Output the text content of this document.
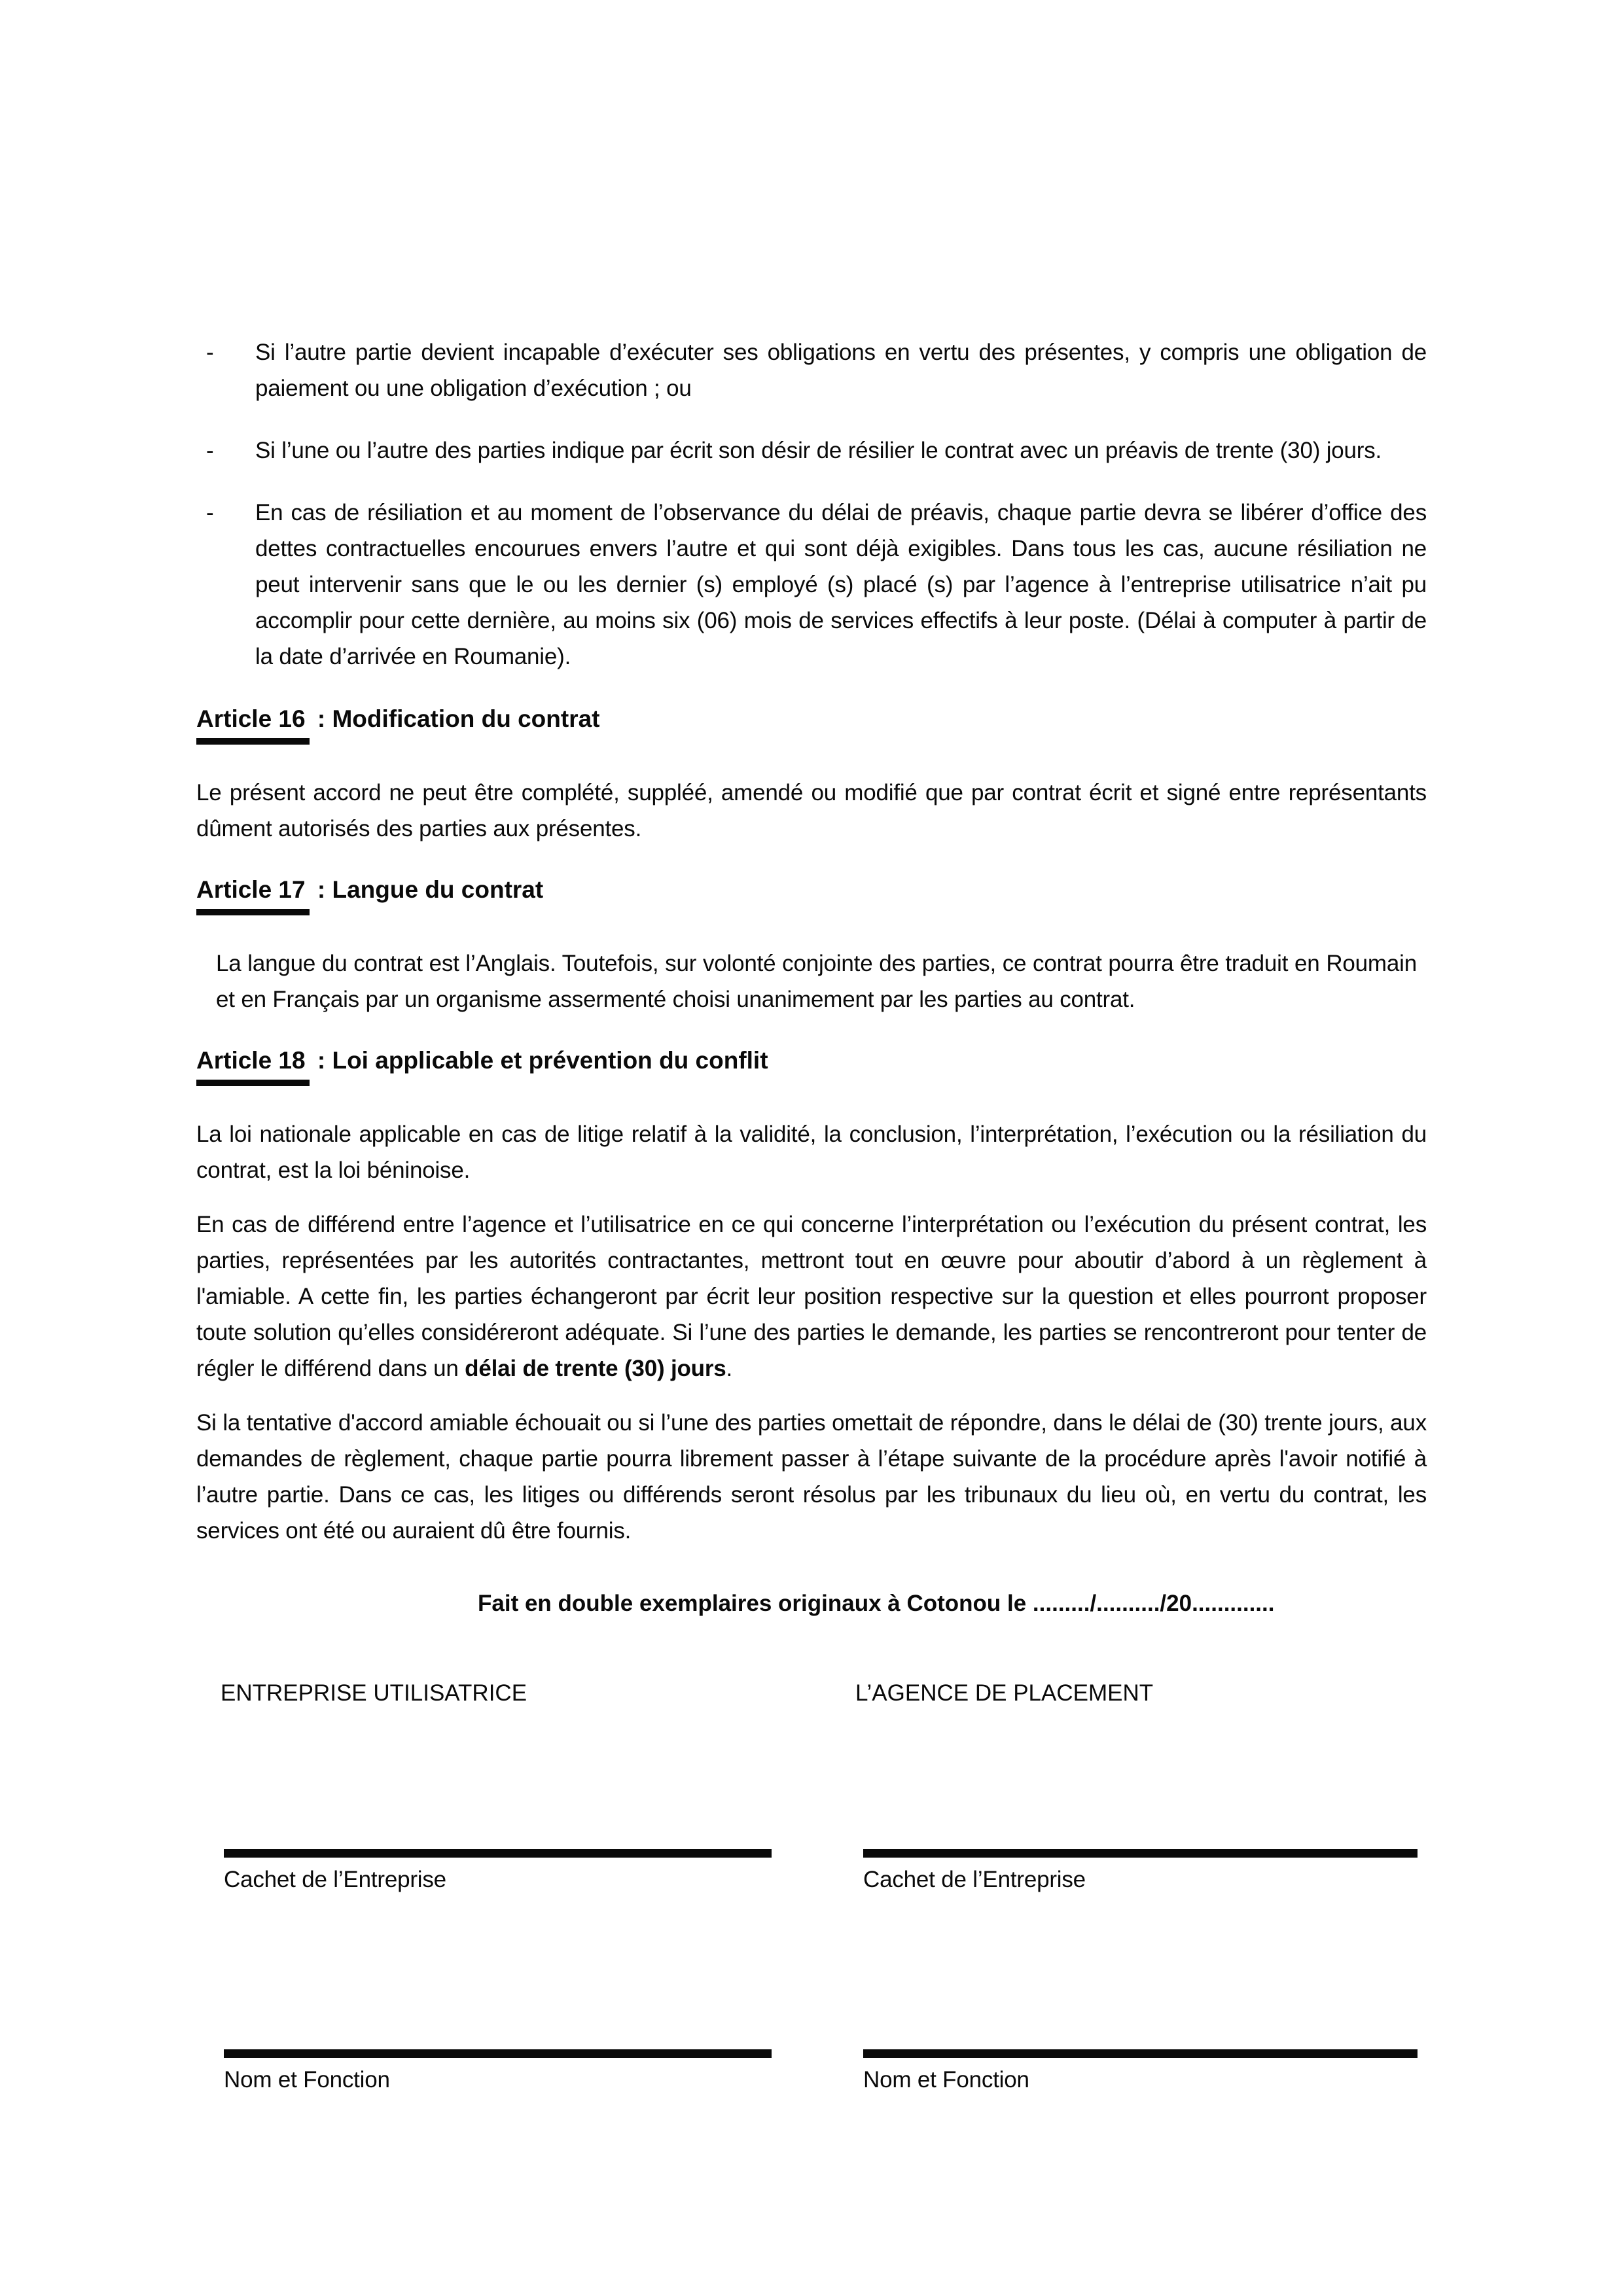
-	Si l’autre partie devient incapable d’exécuter ses obligations en vertu des présentes, y compris une obligation de paiement ou une obligation d’exécution ; ou
-	Si l’une ou l’autre des parties indique par écrit son désir de résilier le contrat avec un préavis de trente (30) jours.
-	En cas de résiliation et au moment de l’observance du délai de préavis, chaque partie devra se libérer d’office des dettes contractuelles encourues envers l’autre et qui sont déjà exigibles. Dans tous les cas, aucune résiliation ne peut intervenir sans que le ou les dernier (s) employé (s) placé (s) par l’agence à l’entreprise utilisatrice n’ait pu accomplir pour cette dernière, au moins six (06) mois de services effectifs à leur poste. (Délai à computer à partir de la date d’arrivée en Roumanie).
Article 16 : Modification du contrat

Le présent accord ne peut être complété, suppléé, amendé ou modifié que par contrat écrit et signé entre représentants dûment autorisés des parties aux présentes.

Article 17 : Langue du contrat

La langue du contrat est l’Anglais. Toutefois, sur volonté conjointe des parties, ce contrat pourra être traduit en Roumain et en Français par un organisme assermenté choisi unanimement par les parties au contrat.

Article 18 : Loi applicable et prévention du conflit

La loi nationale applicable en cas de litige relatif à la validité, la conclusion, l’interprétation, l’exécution ou la résiliation du contrat, est la loi béninoise.

En cas de différend entre l’agence et l’utilisatrice en ce qui concerne l’interprétation ou l’exécution du présent contrat, les parties, représentées par les autorités contractantes, mettront tout en œuvre pour aboutir d’abord à un règlement à l'amiable. A cette fin, les parties échangeront par écrit leur position respective sur la question et elles pourront proposer toute solution qu’elles considéreront adéquate. Si l’une des parties le demande, les parties se rencontreront pour tenter de régler le différend dans un délai de trente (30) jours.

Si la tentative d'accord amiable échouait ou si l’une des parties omettait de répondre, dans le délai de (30) trente jours, aux demandes de règlement, chaque partie pourra librement passer à l’étape suivante de la procédure après l'avoir notifié à l’autre partie. Dans ce cas, les litiges ou différends seront résolus par les tribunaux du lieu où, en vertu du contrat, les services ont été ou auraient dû être fournis.

Fait en double exemplaires originaux à Cotonou le ........./........../20.............
ENTREPRISE UTILISATRICE	L’AGENCE DE PLACEMENT
Cachet de l’Entreprise	Cachet de l’Entreprise
Nom et Fonction	Nom et Fonction
